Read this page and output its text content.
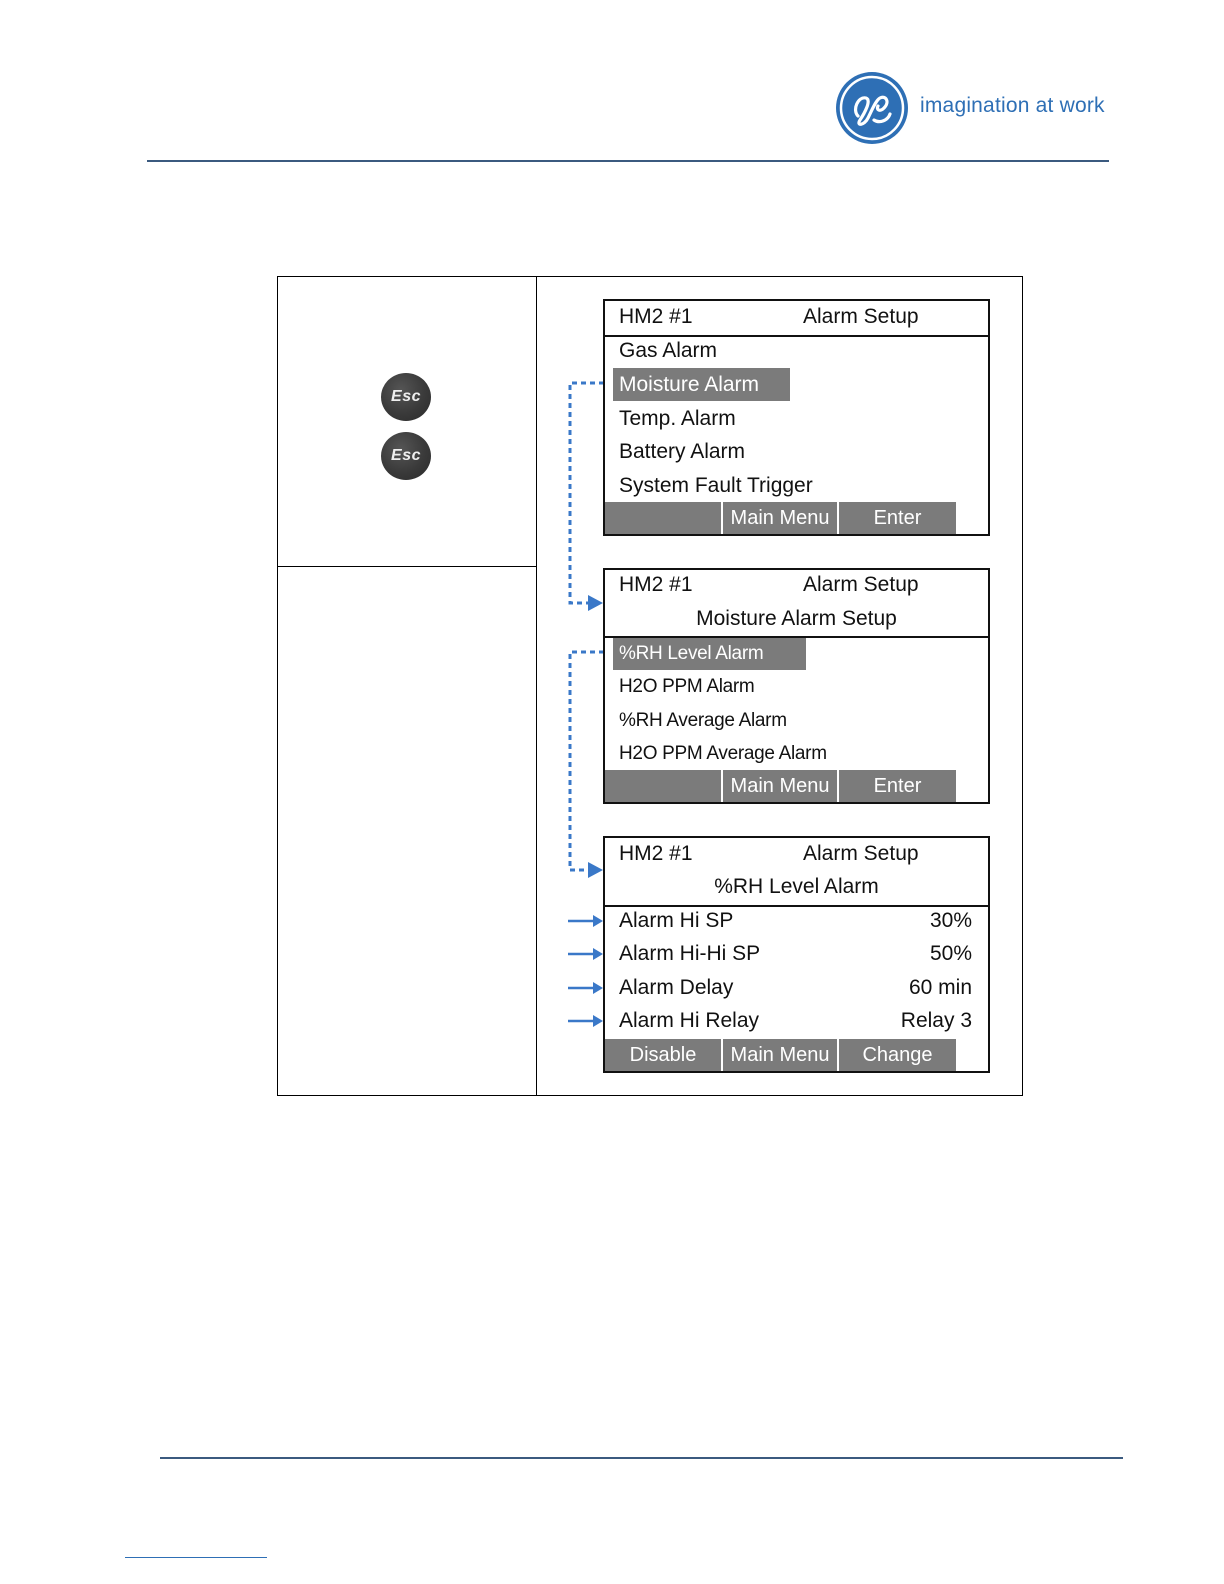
imagination at work
Esc
Esc
HM2 #1	Alarm Setup
Gas Alarm
Moisture Alarm
Temp. Alarm
Battery Alarm
System Fault Trigger
Main Menu	Enter
HM2 #1	Alarm Setup
Moisture Alarm Setup
%RH Level Alarm
H2O PPM Alarm
%RH Average Alarm
H2O PPM Average Alarm
Main Menu	Enter
HM2 #1	Alarm Setup
%RH Level Alarm
Alarm Hi SP	30%
Alarm Hi-Hi SP	50%
Alarm Delay	60 min
Alarm Hi Relay	Relay 3
Disable	Main Menu	Change
